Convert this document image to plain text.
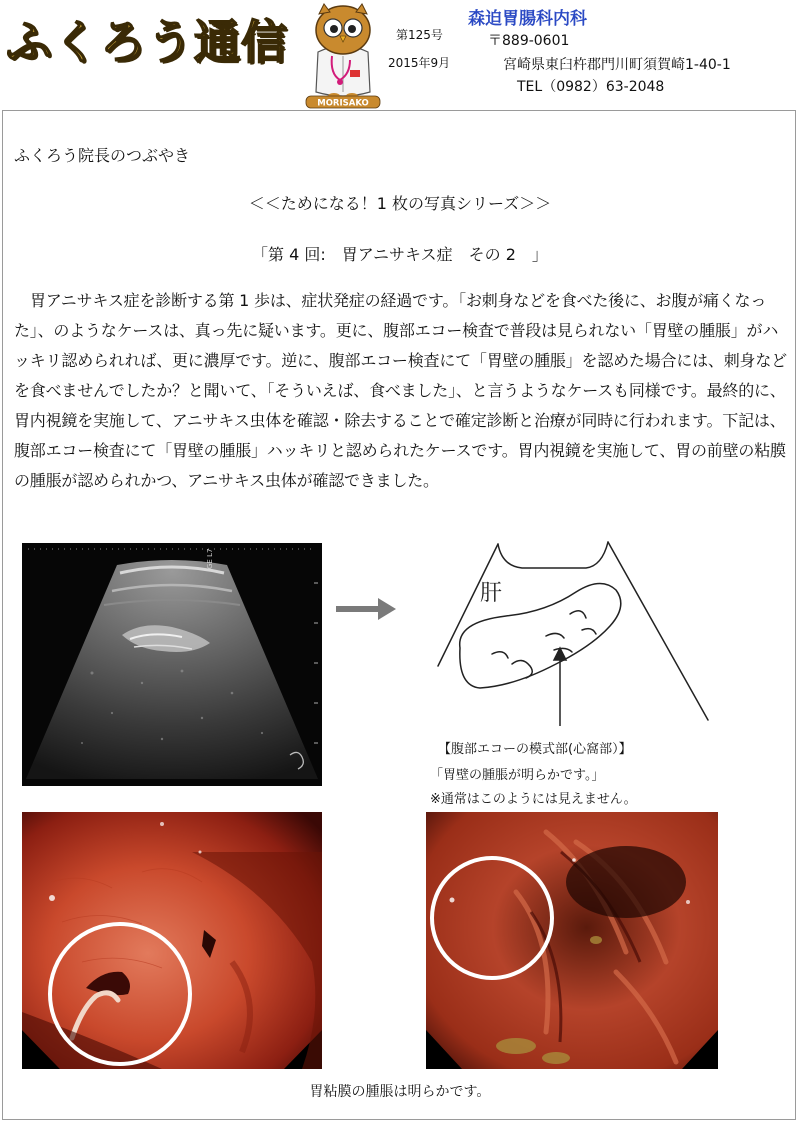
ふくろう通信
MORISAKO
第125号
2015年9月
森迫胃腸科内科
〒889-0601
宮崎県東臼杵郡門川町須賀崎1-40-1
TEL（0982）63-2048
ふくろう院長のつぶやき
＜＜ためになる！1 枚の写真シリーズ＞＞
「第 4 回:　胃アニサキス症　その 2　」

胃アニサキス症を診断する第 1 歩は、症状発症の経過です。「お刺身などを食べた後に、お腹が痛くなった」、のようなケースは、真っ先に疑います。更に、腹部エコー検査で普段は見られない「胃壁の腫脹」がハッキリ認められれば、更に濃厚です。逆に、腹部エコー検査にて「胃壁の腫脹」を認めた場合には、刺身などを食べませんでしたか？と聞いて、「そういえば、食べました」、と言うようなケースも同様です。最終的に、胃内視鏡を実施して、アニサキス虫体を確認・除去することで確定診断と治療が同時に行われます。下記は、腹部エコー検査にて「胃壁の腫脹」ハッキリと認められたケースです。胃内視鏡を実施して、胃の前壁の粘膜の腫脹が認められかつ、アニサキス虫体が確認できました。

GE L7
肝
【腹部エコーの模式部(心窩部）】
「胃壁の腫脹が明らかです。」
※通常はこのようには見えません。
胃粘膜の腫脹は明らかです。
